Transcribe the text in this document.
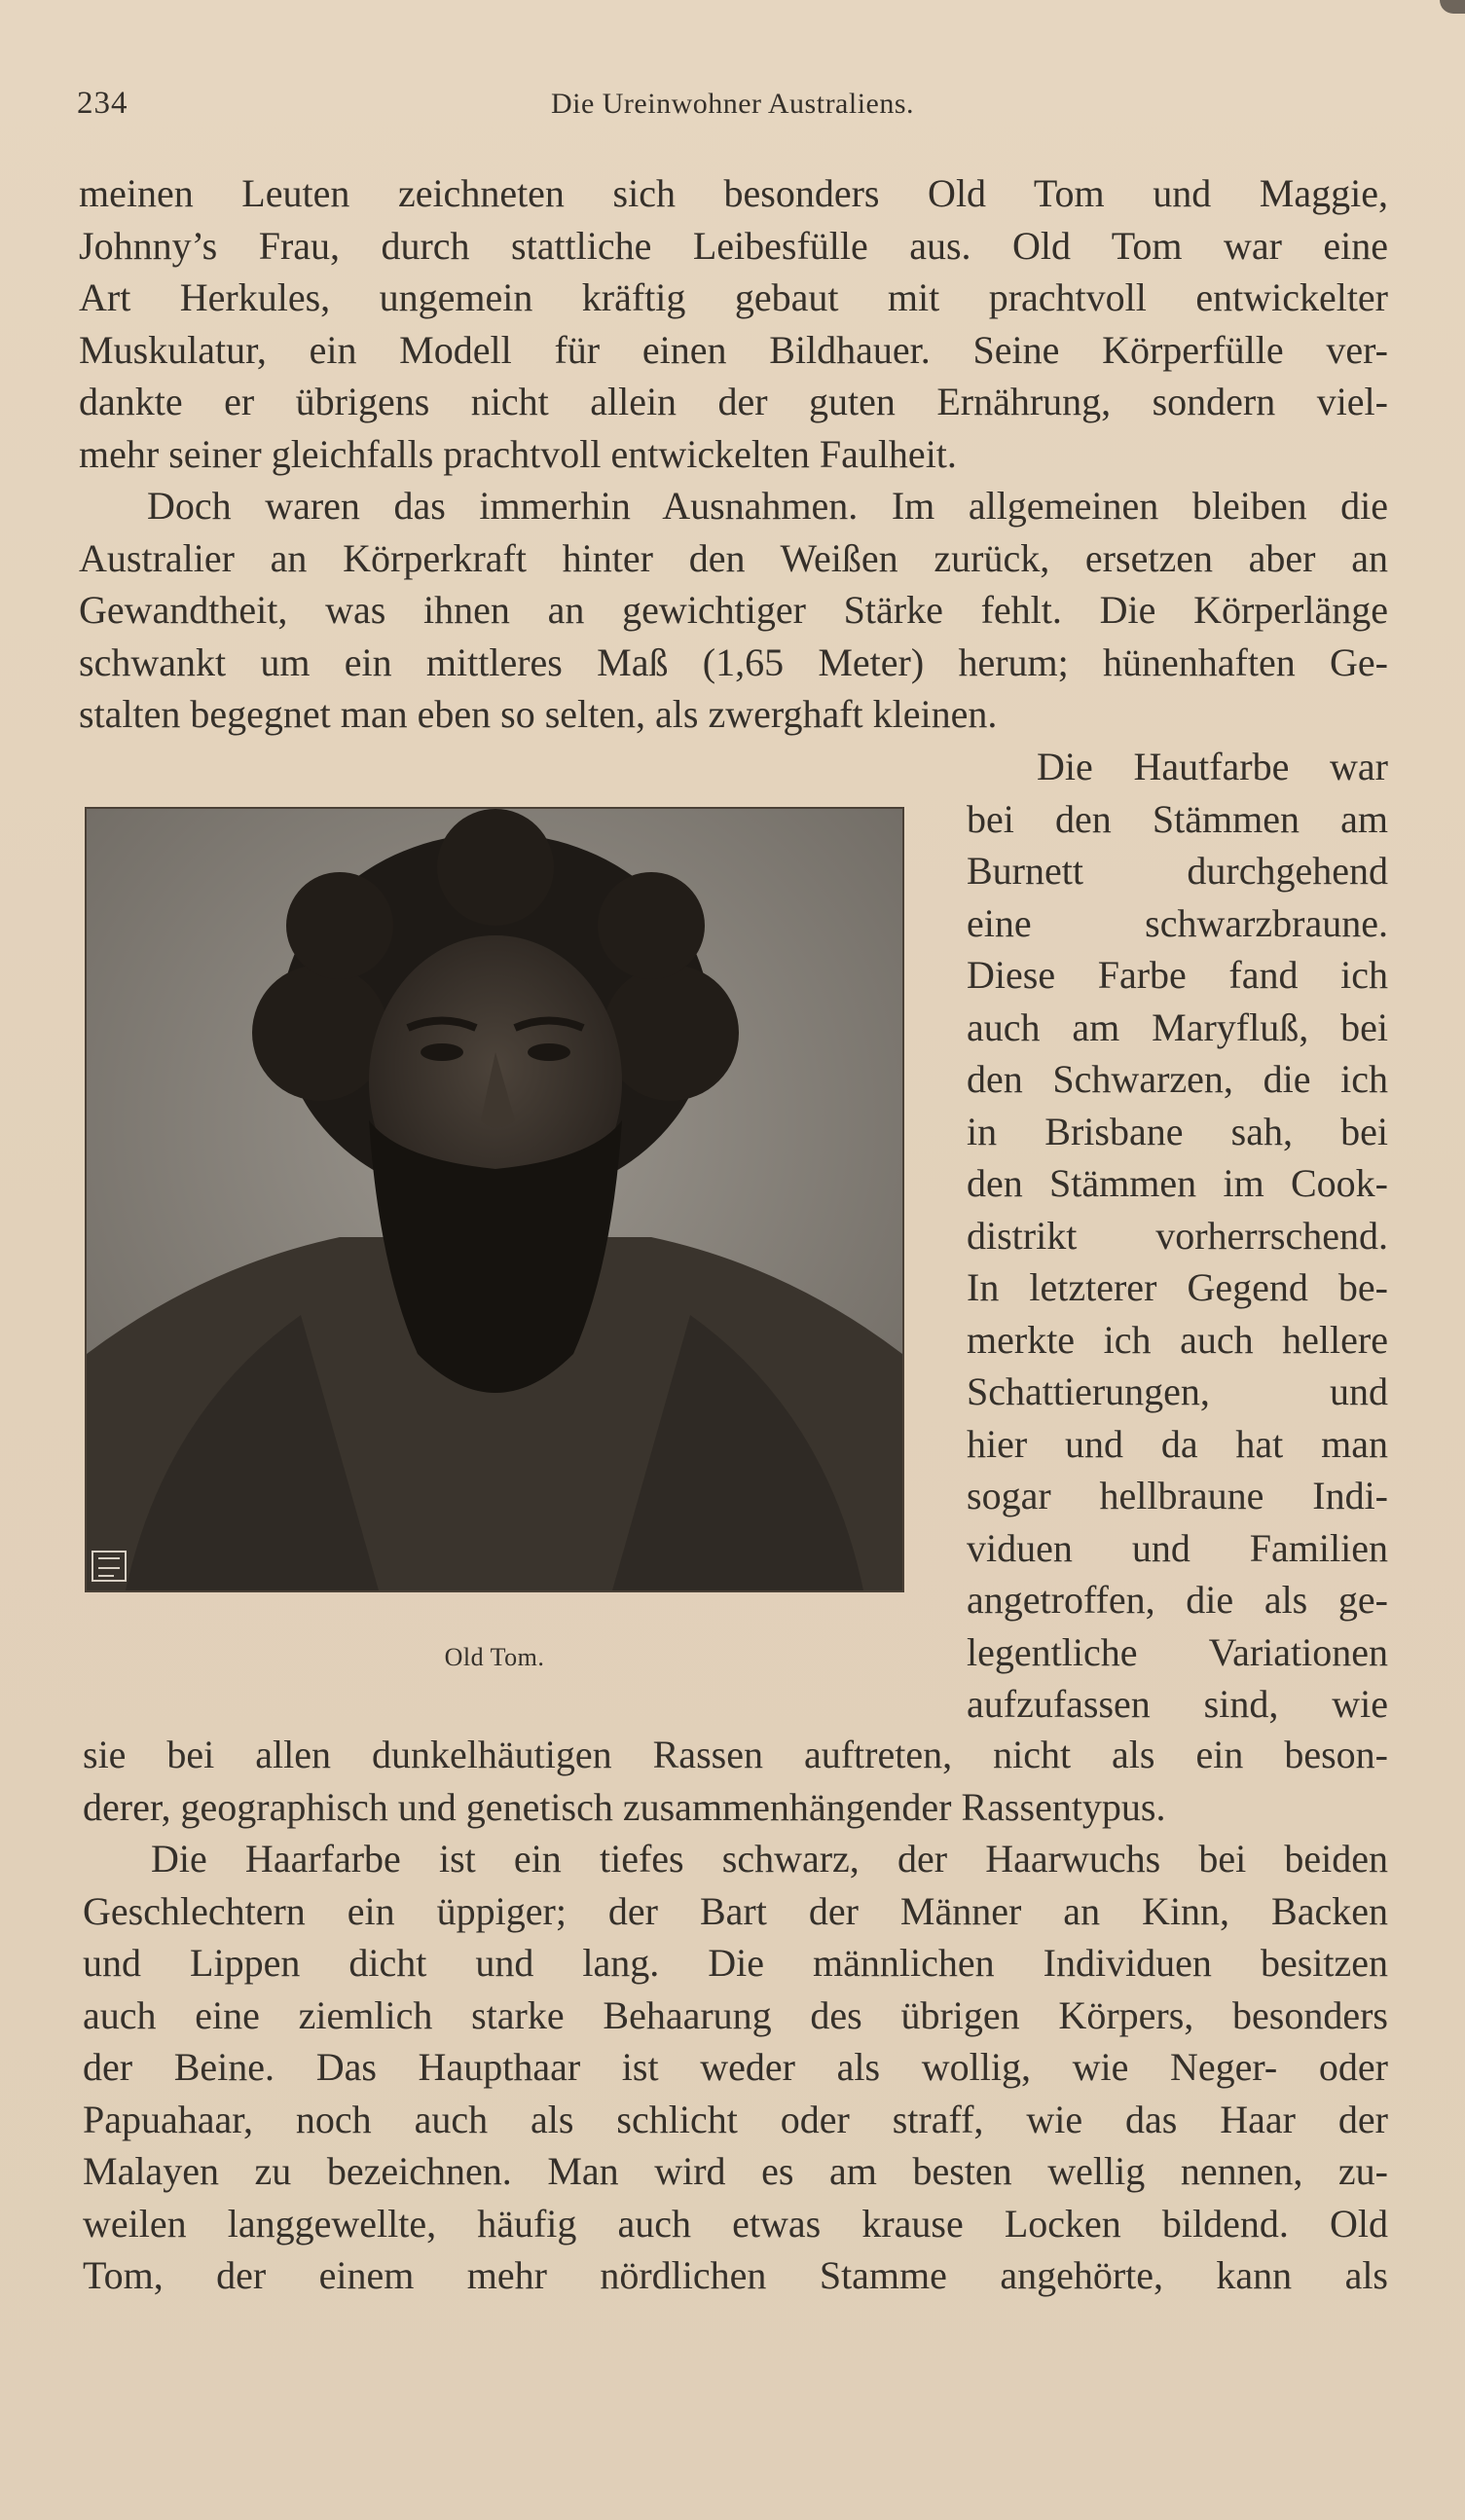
234	Die Ureinwohner Australiens.
meinen Leuten zeichneten sich besonders Old Tom und Maggie,
Johnny’s Frau, durch stattliche Leibesfülle aus. Old Tom war eine
Art Herkules, ungemein kräftig gebaut mit prachtvoll entwickelter
Muskulatur, ein Modell für einen Bildhauer. Seine Körperfülle ver-
dankte er übrigens nicht allein der guten Ernährung, sondern viel-
mehr seiner gleichfalls prachtvoll entwickelten Faulheit.
Doch waren das immerhin Ausnahmen. Im allgemeinen bleiben die
Australier an Körperkraft hinter den Weißen zurück, ersetzen aber an
Gewandtheit, was ihnen an gewichtiger Stärke fehlt. Die Körperlänge
schwankt um ein mittleres Maß (1,65 Meter) herum; hünenhaften Ge-
stalten begegnet man eben so selten, als zwerghaft kleinen.
Old Tom.
Die Hautfarbe war
bei den Stämmen am
Burnett durchgehend
eine schwarzbraune.
Diese Farbe fand ich
auch am Maryfluß, bei
den Schwarzen, die ich
in Brisbane sah, bei
den Stämmen im Cook-
distrikt vorherrschend.
In letzterer Gegend be-
merkte ich auch hellere
Schattierungen, und
hier und da hat man
sogar hellbraune Indi-
viduen und Familien
angetroffen, die als ge-
legentliche Variationen
aufzufassen sind, wie
sie bei allen dunkelhäutigen Rassen auftreten, nicht als ein beson-
derer, geographisch und genetisch zusammenhängender Rassentypus.
Die Haarfarbe ist ein tiefes schwarz, der Haarwuchs bei beiden
Geschlechtern ein üppiger; der Bart der Männer an Kinn, Backen
und Lippen dicht und lang. Die männlichen Individuen besitzen
auch eine ziemlich starke Behaarung des übrigen Körpers, besonders
der Beine. Das Haupthaar ist weder als wollig, wie Neger- oder
Papuahaar, noch auch als schlicht oder straff, wie das Haar der
Malayen zu bezeichnen. Man wird es am besten wellig nennen, zu-
weilen langgewellte, häufig auch etwas krause Locken bildend. Old
Tom, der einem mehr nördlichen Stamme angehörte, kann als
